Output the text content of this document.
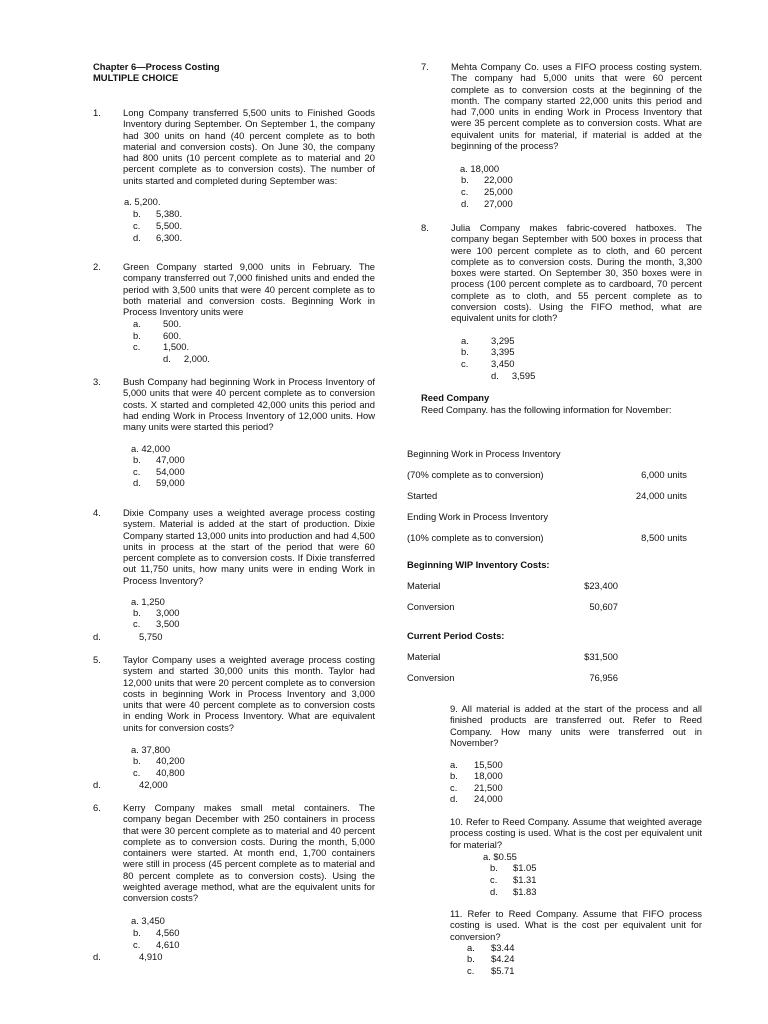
Chapter 6—Process Costing
MULTIPLE CHOICE
1. Long Company transferred 5,500 units to Finished Goods Inventory during September. On September 1, the company had 300 units on hand (40 percent complete as to both material and conversion costs). On June 30, the company had 800 units (10 percent complete as to material and 20 percent complete as to conversion costs). The number of units started and completed during September was:
a. 5,200.
b. 5,380.
c. 5,500.
d. 6,300.
2. Green Company started 9,000 units in February. The company transferred out 7,000 finished units and ended the period with 3,500 units that were 40 percent complete as to both material and conversion costs. Beginning Work in Process Inventory units were
a. 500.
b. 600.
c. 1,500.
d.     2,000.
3. Bush Company had beginning Work in Process Inventory of 5,000 units that were 40 percent complete as to conversion costs. X started and completed 42,000 units this period and had ending Work in Process Inventory of 12,000 units. How many units were started this period?
a. 42,000
b. 47,000
c. 54,000
d. 59,000
4. Dixie Company uses a weighted average process costing system. Material is added at the start of production. Dixie Company started 13,000 units into production and had 4,500 units in process at the start of the period that were 60 percent complete as to conversion costs. If Dixie transferred out 11,750 units, how many units were in ending Work in Process Inventory?
a. 1,250
b. 3,000
c. 3,500
d.	5,750
5. Taylor Company uses a weighted average process costing system and started 30,000 units this month. Taylor had 12,000 units that were 20 percent complete as to conversion costs in beginning Work in Process Inventory and 3,000 units that were 40 percent complete as to conversion costs in ending Work in Process Inventory. What are equivalent units for conversion costs?
a. 37,800
b. 40,200
c. 40,800
d.	42,000
6. Kerry Company makes small metal containers. The company began December with 250 containers in process that were 30 percent complete as to material and 40 percent complete as to conversion costs. During the month, 5,000 containers were started. At month end, 1,700 containers were still in process (45 percent complete as to material and 80 percent complete as to conversion costs). Using the weighted average method, what are the equivalent units for conversion costs?
a. 3,450
b. 4,560
c. 4,610
d.	4,910
7. Mehta Company Co. uses a FIFO process costing system. The company had 5,000 units that were 60 percent complete as to conversion costs at the beginning of the month. The company started 22,000 units this period and had 7,000 units in ending Work in Process Inventory that were 35 percent complete as to conversion costs. What are equivalent units for material, if material is added at the beginning of the process?
a. 18,000
b. 22,000
c. 25,000
d. 27,000
8. Julia Company makes fabric-covered hatboxes. The company began September with 500 boxes in process that were 100 percent complete as to cloth, and 60 percent complete as to conversion costs. During the month, 3,300 boxes were started. On September 30, 350 boxes were in process (100 percent complete as to cardboard, 70 percent complete as to cloth, and 55 percent complete as to conversion costs). Using the FIFO method, what are equivalent units for cloth?
a. 3,295
b. 3,395
c. 3,450
d.     3,595
Reed Company
Reed Company. has the following information for November:
Beginning Work in Process Inventory
(70% complete as to conversion)	6,000 units
Started	24,000 units
Ending Work in Process Inventory
(10% complete as to conversion)	8,500 units
Beginning WIP Inventory Costs:
Material	$23,400
Conversion	50,607
Current Period Costs:
Material	$31,500
Conversion	76,956
9. All material is added at the start of the process and all finished products are transferred out. Refer to Reed Company. How many units were transferred out in November?
a. 15,500
b. 18,000
c. 21,500
d. 24,000
10. Refer to Reed Company. Assume that weighted average process costing is used. What is the cost per equivalent unit for material?
a. $0.55
b. $1.05
c. $1.31
d. $1.83
11. Refer to Reed Company. Assume that FIFO process costing is used. What is the cost per equivalent unit for conversion?
a. $3.44
b. $4.24
c. $5.71
